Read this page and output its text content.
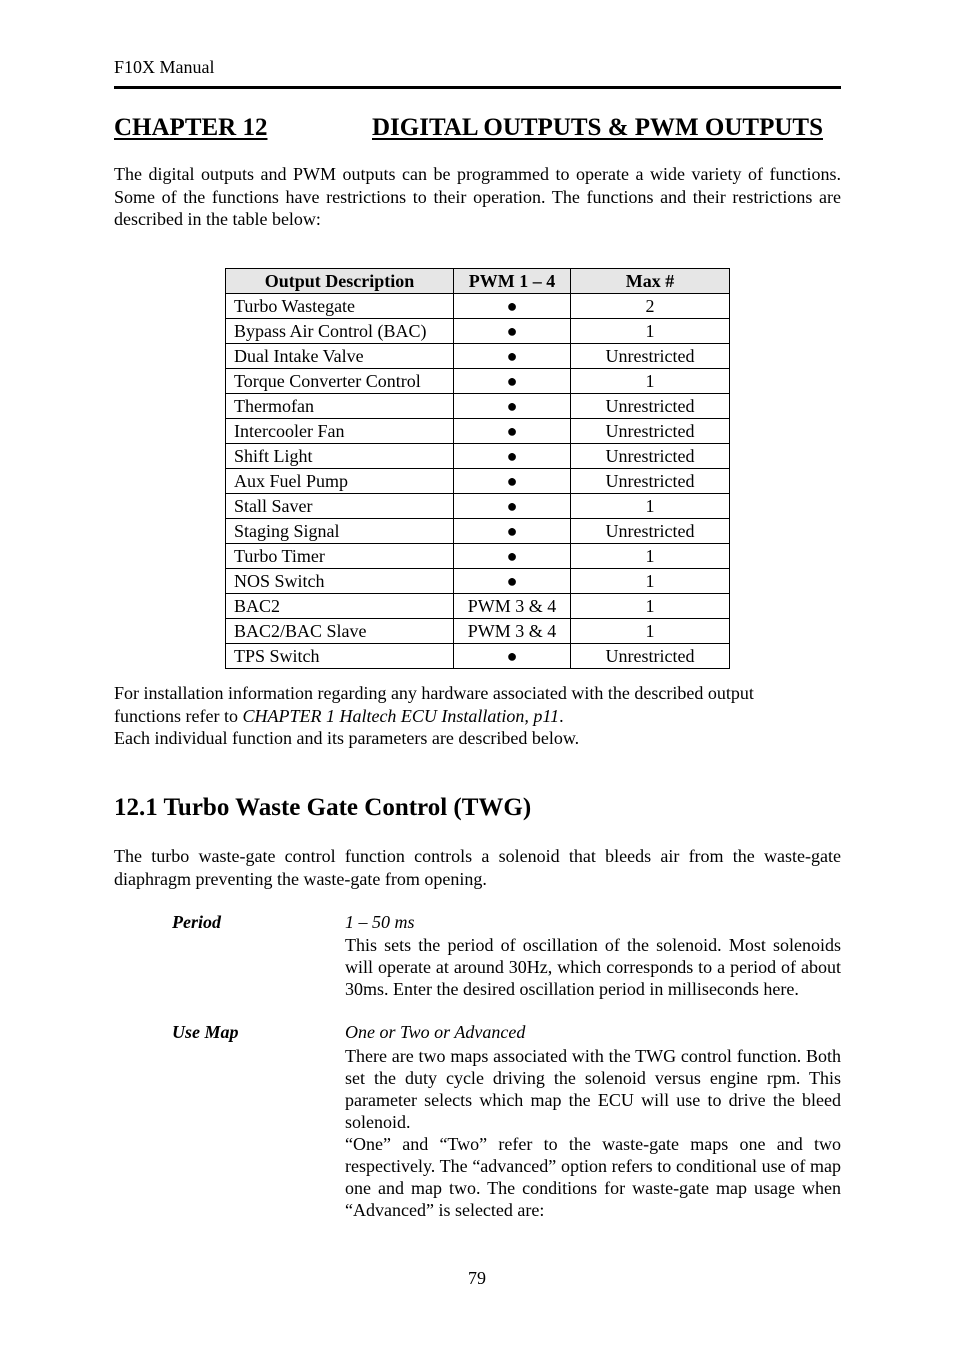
F10X Manual
CHAPTER 12	DIGITAL OUTPUTS & PWM OUTPUTS
The digital outputs and PWM outputs can be programmed to operate a wide variety of functions. Some of the functions have restrictions to their operation. The functions and their restrictions are described in the table below:
Output Description	PWM 1 – 4	Max #
Turbo Wastegate	●	2
Bypass Air Control (BAC)	●	1
Dual Intake Valve	●	Unrestricted
Torque Converter Control	●	1
Thermofan	●	Unrestricted
Intercooler Fan	●	Unrestricted
Shift Light	●	Unrestricted
Aux Fuel Pump	●	Unrestricted
Stall Saver	●	1
Staging Signal	●	Unrestricted
Turbo Timer	●	1
NOS Switch	●	1
BAC2	PWM 3 & 4	1
BAC2/BAC Slave	PWM 3 & 4	1
TPS Switch	●	Unrestricted
For installation information regarding any hardware associated with the described output
functions refer to CHAPTER 1 Haltech ECU Installation, p11.
Each individual function and its parameters are described below.
12.1 Turbo Waste Gate Control (TWG)
The turbo waste-gate control function controls a solenoid that bleeds air from the waste-gate diaphragm preventing the waste-gate from opening.
Period	1 – 50 ms
This sets the period of oscillation of the solenoid. Most solenoids will operate at around 30Hz, which corresponds to a period of about 30ms. Enter the desired oscillation period in milliseconds here.
Use Map	One or Two or Advanced
There are two maps associated with the TWG control function. Both set the duty cycle driving the solenoid versus engine rpm. This parameter selects which map the ECU will use to drive the bleed solenoid.
“One” and “Two” refer to the waste-gate maps one and two respectively. The “advanced” option refers to conditional use of map one and map two. The conditions for waste-gate map usage when “Advanced” is selected are:
79
